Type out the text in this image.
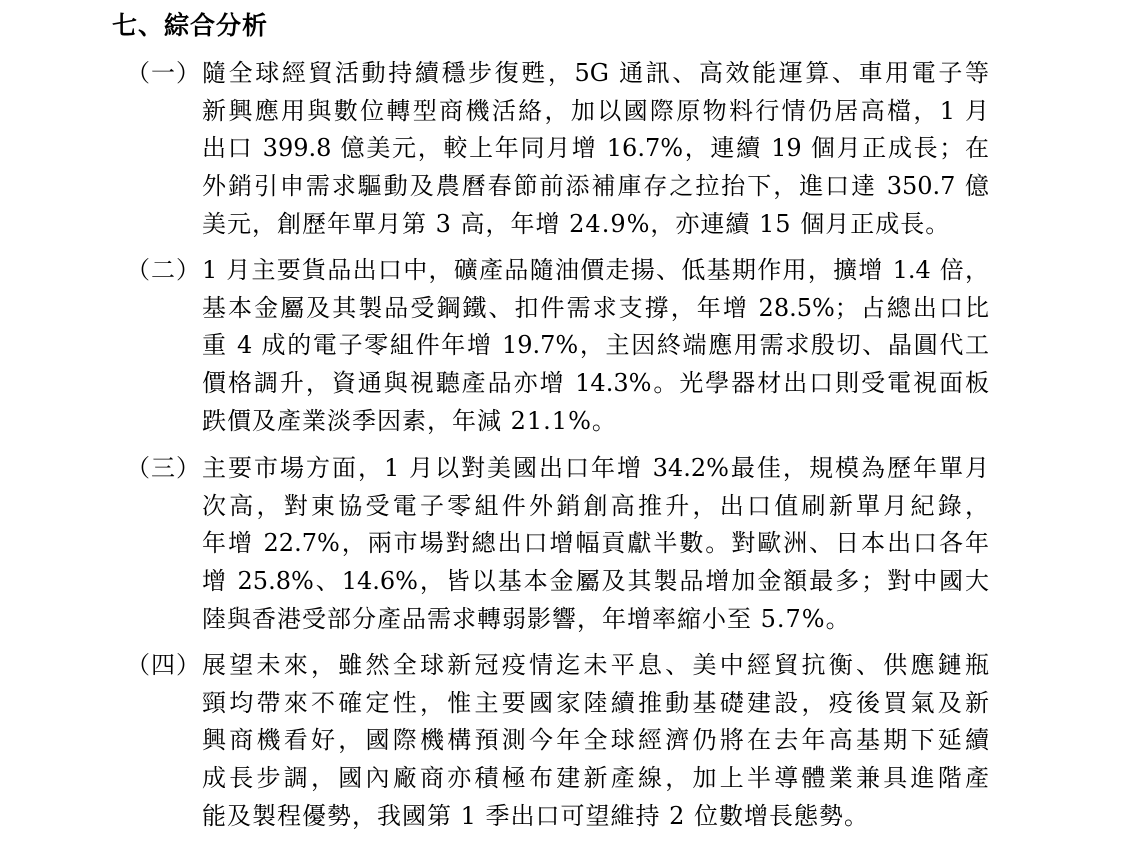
七、綜合分析
（一） 隨全球經貿活動持續穩步復甦，5G 通訊、高效能運算、車用電子等
新興應用與數位轉型商機活絡，加以國際原物料行情仍居高檔，1 月
出口 399.8 億美元，較上年同月增 16.7%，連續 19 個月正成長；在
外銷引申需求驅動及農曆春節前添補庫存之拉抬下，進口達 350.7 億
美元，創歷年單月第 3 高，年增 24.9%，亦連續 15 個月正成長。
（二） 1 月主要貨品出口中，礦產品隨油價走揚、低基期作用，擴增 1.4 倍，
基本金屬及其製品受鋼鐵、扣件需求支撐，年增 28.5%；占總出口比
重 4 成的電子零組件年增 19.7%，主因終端應用需求殷切、晶圓代工
價格調升，資通與視聽產品亦增 14.3%。光學器材出口則受電視面板
跌價及產業淡季因素，年減 21.1%。
（三） 主要市場方面，1 月以對美國出口年增 34.2%最佳，規模為歷年單月
次高，對東協受電子零組件外銷創高推升，出口值刷新單月紀錄，
年增 22.7%，兩市場對總出口增幅貢獻半數。對歐洲、日本出口各年
增 25.8%、14.6%，皆以基本金屬及其製品增加金額最多；對中國大
陸與香港受部分產品需求轉弱影響，年增率縮小至 5.7%。
（四） 展望未來，雖然全球新冠疫情迄未平息、美中經貿抗衡、供應鏈瓶
頸均帶來不確定性，惟主要國家陸續推動基礎建設，疫後買氣及新
興商機看好，國際機構預測今年全球經濟仍將在去年高基期下延續
成長步調，國內廠商亦積極布建新產線，加上半導體業兼具進階產
能及製程優勢，我國第 1 季出口可望維持 2 位數增長態勢。
